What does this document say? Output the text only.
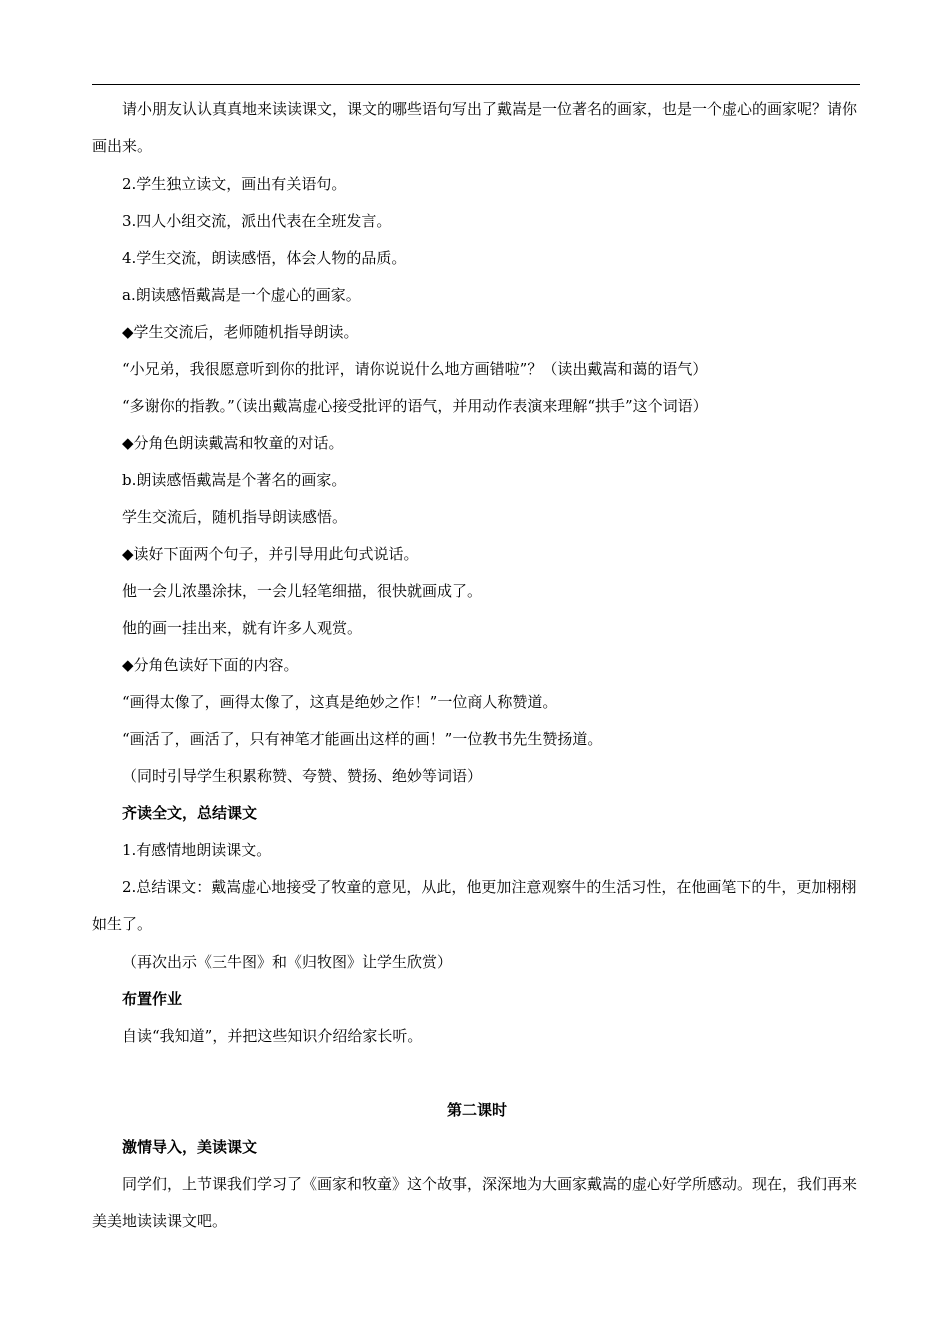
请小朋友认认真真地来读读课文，课文的哪些语句写出了戴嵩是一位著名的画家，也是一个虚心的画家呢？请你画出来。

2.学生独立读文，画出有关语句。

3.四人小组交流，派出代表在全班发言。

4.学生交流，朗读感悟，体会人物的品质。

a.朗读感悟戴嵩是一个虚心的画家。

◆学生交流后，老师随机指导朗读。

“小兄弟，我很愿意听到你的批评，请你说说什么地方画错啦”？（读出戴嵩和蔼的语气）

“多谢你的指教。”（读出戴嵩虚心接受批评的语气，并用动作表演来理解“拱手”这个词语）

◆分角色朗读戴嵩和牧童的对话。

b.朗读感悟戴嵩是个著名的画家。

学生交流后，随机指导朗读感悟。

◆读好下面两个句子，并引导用此句式说话。

他一会儿浓墨涂抹，一会儿轻笔细描，很快就画成了。

他的画一挂出来，就有许多人观赏。

◆分角色读好下面的内容。

“画得太像了，画得太像了，这真是绝妙之作！”一位商人称赞道。

“画活了，画活了，只有神笔才能画出这样的画！”一位教书先生赞扬道。

（同时引导学生积累称赞、夸赞、赞扬、绝妙等词语）

齐读全文，总结课文

1.有感情地朗读课文。

2.总结课文：戴嵩虚心地接受了牧童的意见，从此，他更加注意观察牛的生活习性，在他画笔下的牛，更加栩栩如生了。

（再次出示《三牛图》和《归牧图》让学生欣赏）

布置作业

自读“我知道”，并把这些知识介绍给家长听。

第二课时

激情导入，美读课文

同学们，上节课我们学习了《画家和牧童》这个故事，深深地为大画家戴嵩的虚心好学所感动。现在，我们再来美美地读读课文吧。
